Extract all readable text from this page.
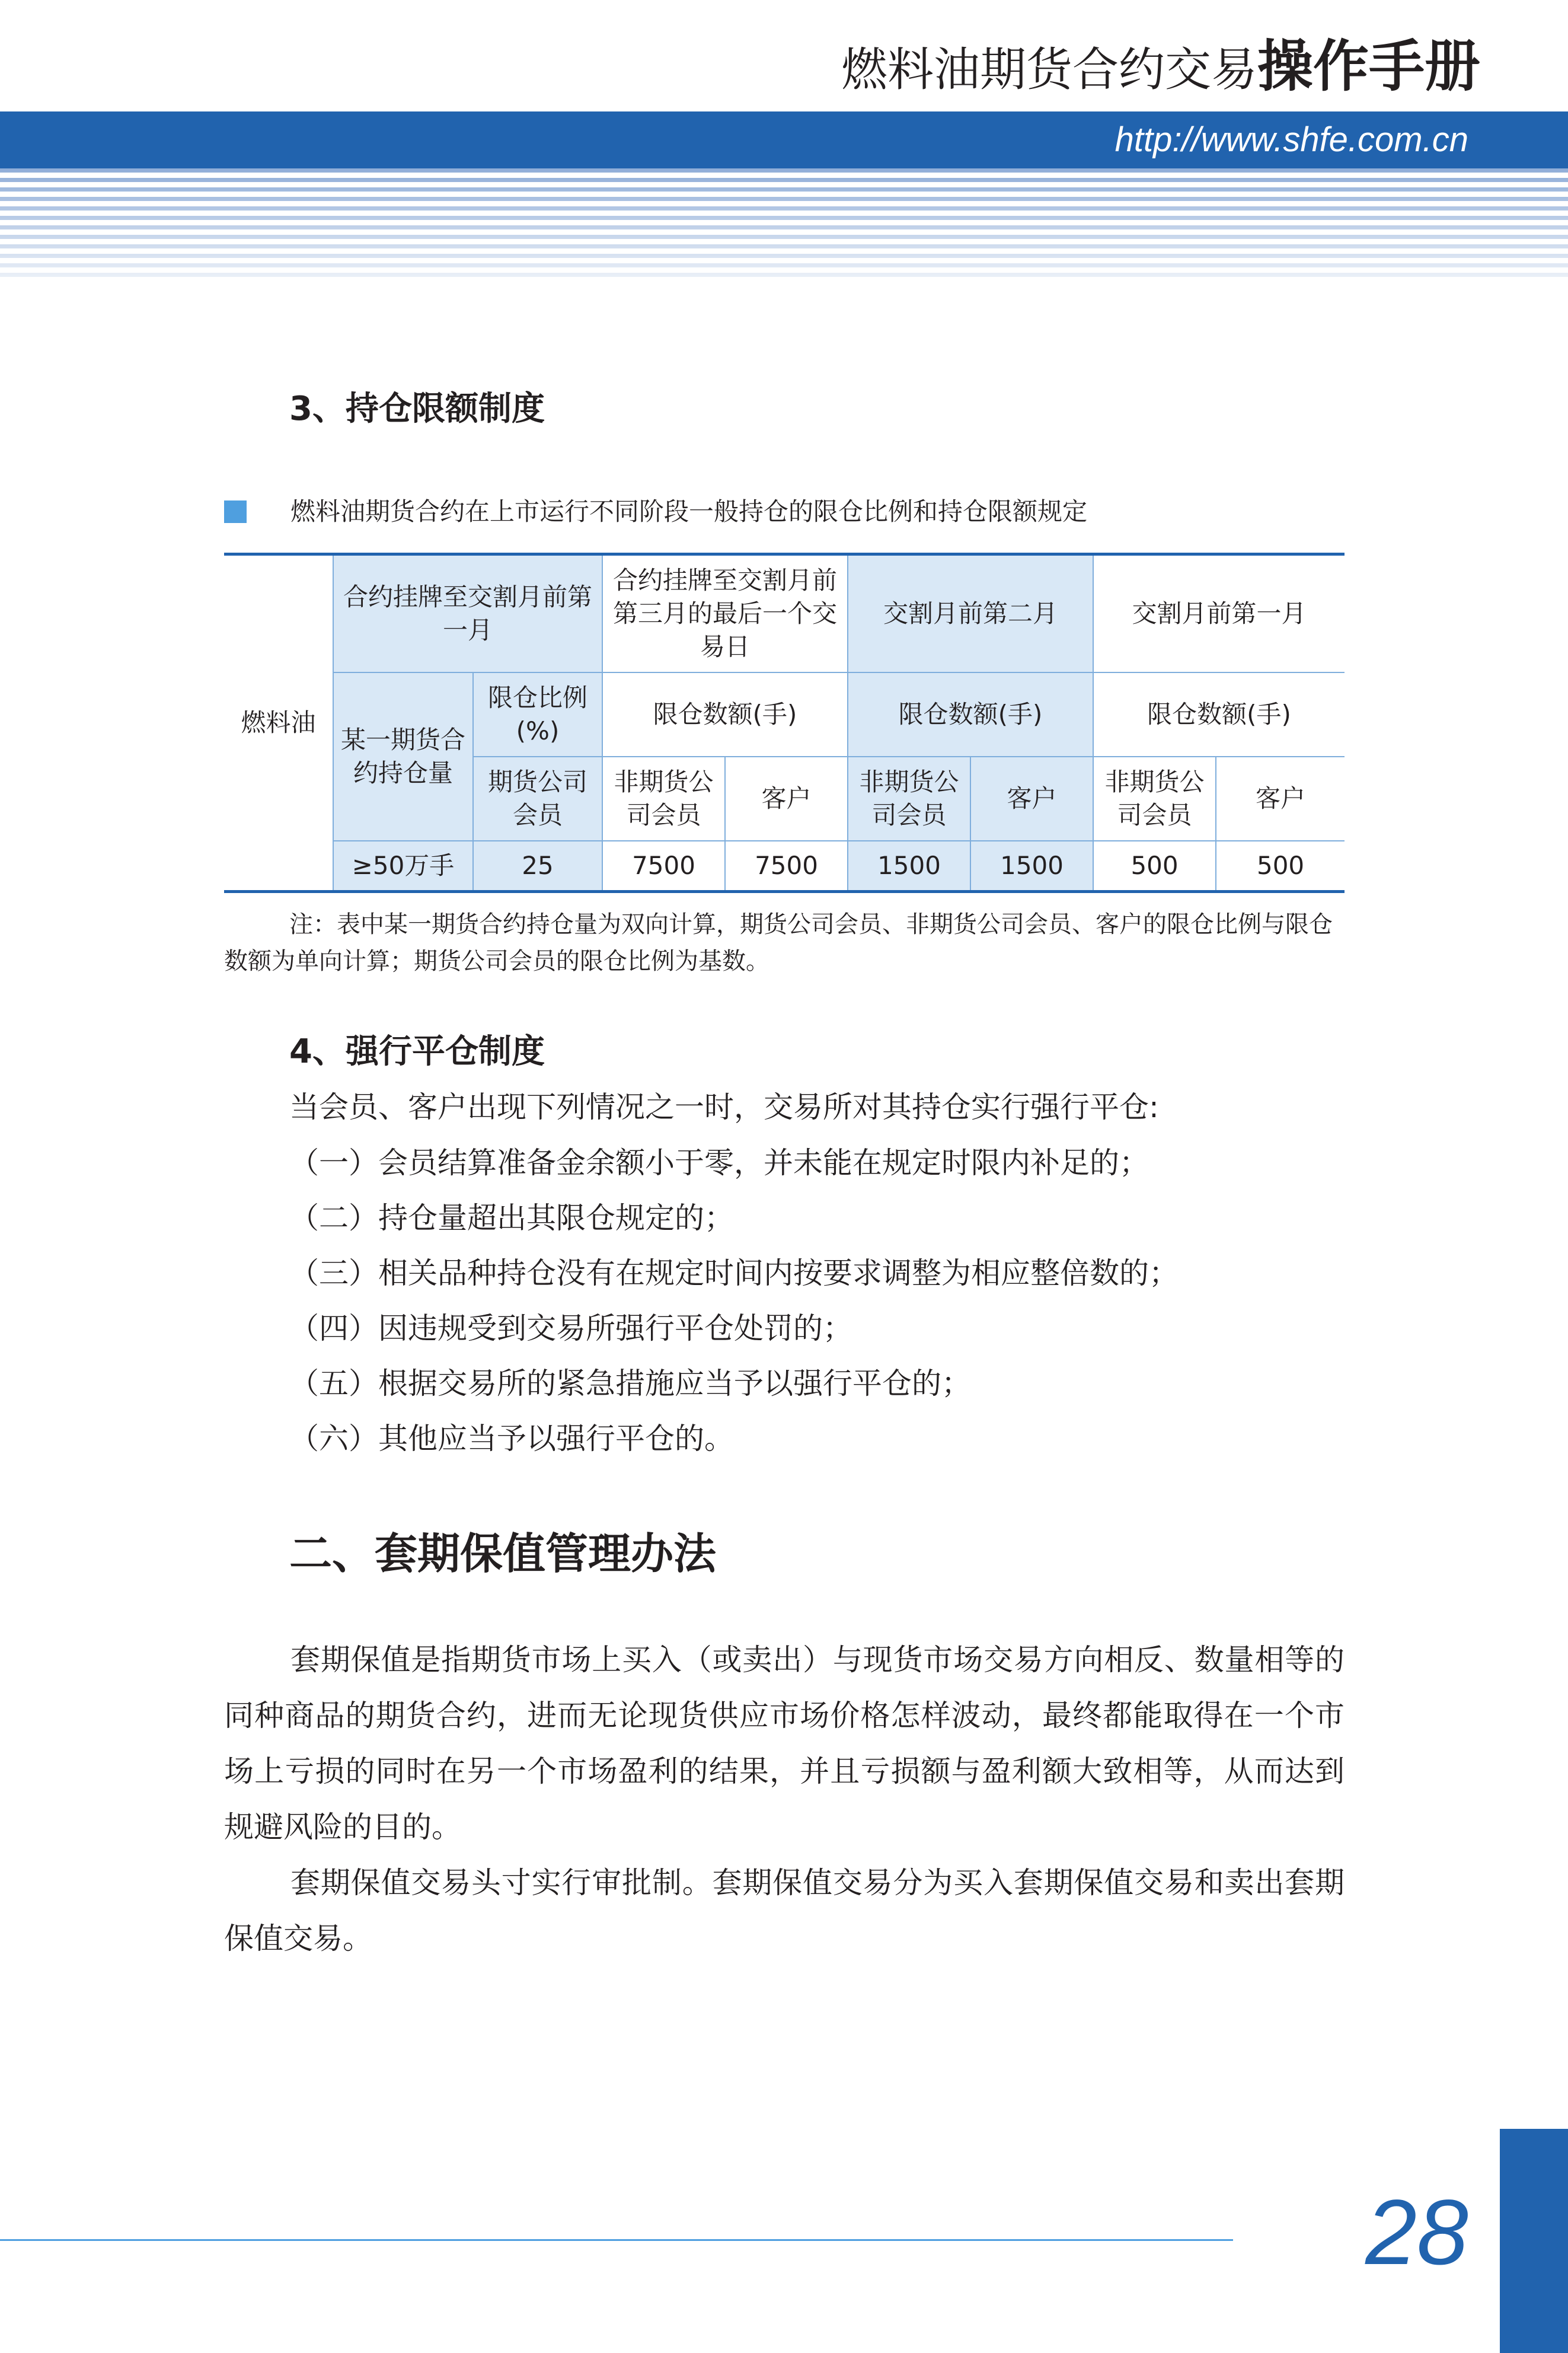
燃料油期货合约交易操作手册
http://www.shfe.com.cn
3、持仓限额制度
燃料油期货合约在上市运行不同阶段一般持仓的限仓比例和持仓限额规定
燃料油	合约挂牌至交割月前第一月		合约挂牌至交割月前第三月的最后一个交易日		交割月前第二月		交割月前第一月	
	某一期货合约持仓量	限仓比例(%)	限仓数额(手)		限仓数额(手)		限仓数额(手)	
		期货公司会员	非期货公司会员	客户	非期货公司会员	客户	非期货公司会员	客户
	≥50万手	25	7500	7500	1500	1500	500	500
注：表中某一期货合约持仓量为双向计算，期货公司会员、非期货公司会员、客户的限仓比例与限仓数额为单向计算；期货公司会员的限仓比例为基数。
4、强行平仓制度
当会员、客户出现下列情况之一时，交易所对其持仓实行强行平仓:
（一）会员结算准备金余额小于零，并未能在规定时限内补足的；
（二）持仓量超出其限仓规定的；
（三）相关品种持仓没有在规定时间内按要求调整为相应整倍数的；
（四）因违规受到交易所强行平仓处罚的；
（五）根据交易所的紧急措施应当予以强行平仓的；
（六）其他应当予以强行平仓的。
二、套期保值管理办法

套期保值是指期货市场上买入（或卖出）与现货市场交易方向相反、数量相等的同种商品的期货合约，进而无论现货供应市场价格怎样波动，最终都能取得在一个市场上亏损的同时在另一个市场盈利的结果，并且亏损额与盈利额大致相等，从而达到规避风险的目的。

套期保值交易头寸实行审批制。套期保值交易分为买入套期保值交易和卖出套期保值交易。

28
